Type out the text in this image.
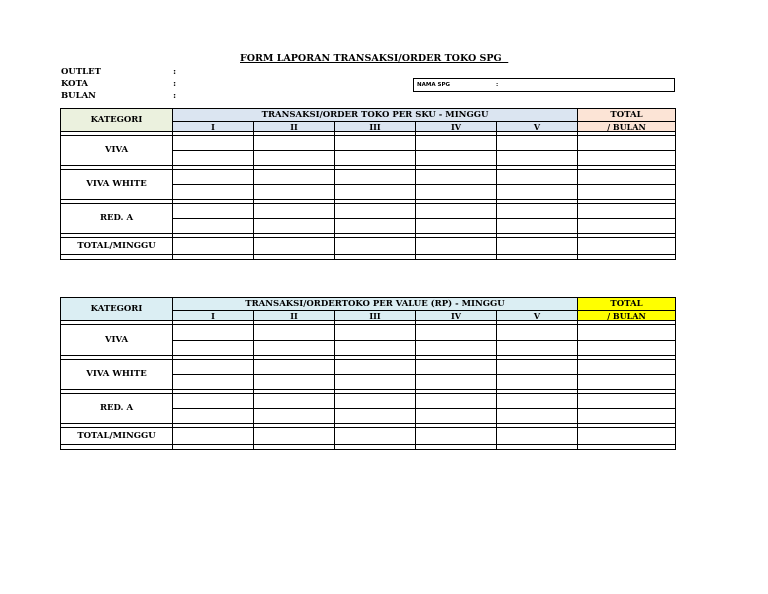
FORM LAPORAN TRANSAKSI/ORDER TOKO SPG
OUTLET	:
KOTA	:
BULAN	:
NAMA SPG	:
KATEGORI	TRANSAKSI/ORDER TOKO PER SKU - MINGGU					TOTAL
	I	II	III	IV	V	/ BULAN

VIVA						

VIVA WHITE						

RED. A						

TOTAL/MINGGU						

KATEGORI	TRANSAKSI/ORDERTOKO PER VALUE (RP) - MINGGU					TOTAL
	I	II	III	IV	V	/ BULAN

VIVA						

VIVA WHITE						

RED. A						

TOTAL/MINGGU						
